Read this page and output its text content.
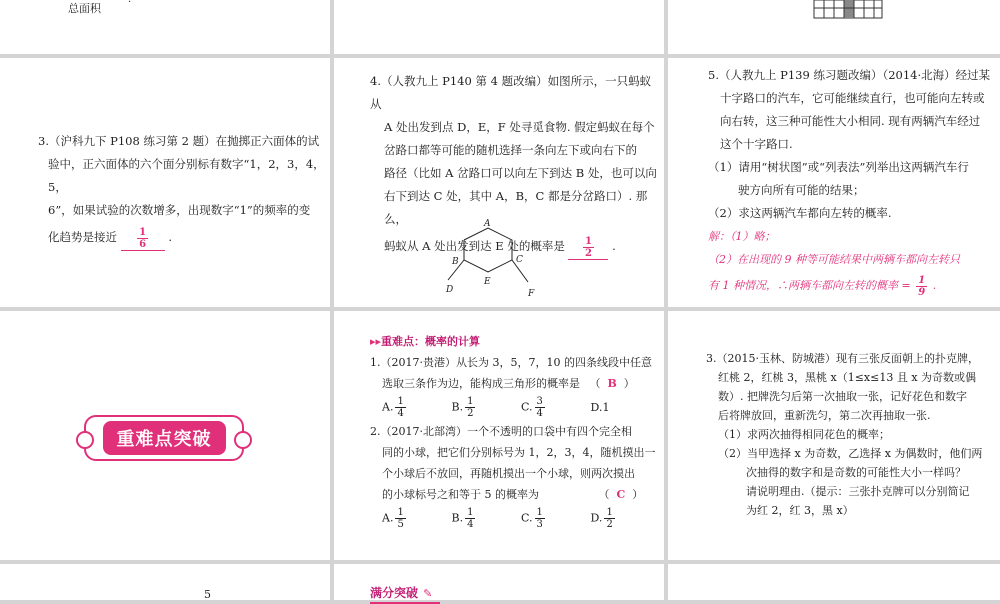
总面积
3.（沪科九下 P108 练习第 2 题）在抛掷正六面体的试
验中，正六面体的六个面分别标有数字“1，2，3，4，5，
6”，如果试验的次数增多，出现数字“1”的频率的变
化趋势是接近 $\frac{1}{6}$ .
4.（人教九上 P140 第 4 题改编）如图所示，一只蚂蚁从
A 处出发到点 D，E，F 处寻觅食物. 假定蚂蚁在每个
岔路口都等可能的随机选择一条向左下或向右下的
路径（比如 A 岔路口可以向左下到达 B 处，也可以向
右下到达 C 处，其中 A，B，C 都是分岔路口）. 那么，
蚂蚁从 A 处出发到达 E 处的概率是 $\frac{1}{2}$ .
A
B	C
D
E
F
5.（人教九上 P139 练习题改编）（2014·北海）经过某
十字路口的汽车，它可能继续直行，也可能向左转或
向右转，这三种可能性大小相同. 现有两辆汽车经过
这个十字路口.
（1）请用“树状图”或“列表法”列举出这两辆汽车行
驶方向所有可能的结果；
（2）求这两辆汽车都向左转的概率.
解：（1）略；
（2）在出现的 9 种等可能结果中两辆车都向左转只
有 1 种情况，∴两辆车都向左转的概率 = $\frac{1}{9}$ .
重难点突破
▸▸重难点：概率的计算
1.（2017·贵港）从长为 3，5，7，10 的四条线段中任意
选取三条作为边，能构成三角形的概率是 （  B  ）
A. $\frac{1}{4}$	B. $\frac{1}{2}$	C. $\frac{3}{4}$	D.1
2.（2017·北部湾）一个不透明的口袋中有四个完全相
同的小球，把它们分别标号为 1，2，3，4，随机摸出一
个小球后不放回，再随机摸出一个小球，则两次摸出
的小球标号之和等于 5 的概率为	（  C  ）
A. $\frac{1}{5}$	B. $\frac{1}{4}$	C. $\frac{1}{3}$	D. $\frac{1}{2}$
3.（2015·玉林、防城港）现有三张反面朝上的扑克牌，
红桃 2，红桃 3，黑桃 x（1≤x≤13 且 x 为奇数或偶
数）. 把牌洗匀后第一次抽取一张，记好花色和数字
后将牌放回，重新洗匀，第二次再抽取一张.
（1）求两次抽得相同花色的概率；
（2）当甲选择 x 为奇数，乙选择 x 为偶数时，他们两
次抽得的数字和是奇数的可能性大小一样吗？
请说明理由.（提示：三张扑克牌可以分别简记
为红 2，红 3，黑 x）
5	满分突破 ✎
